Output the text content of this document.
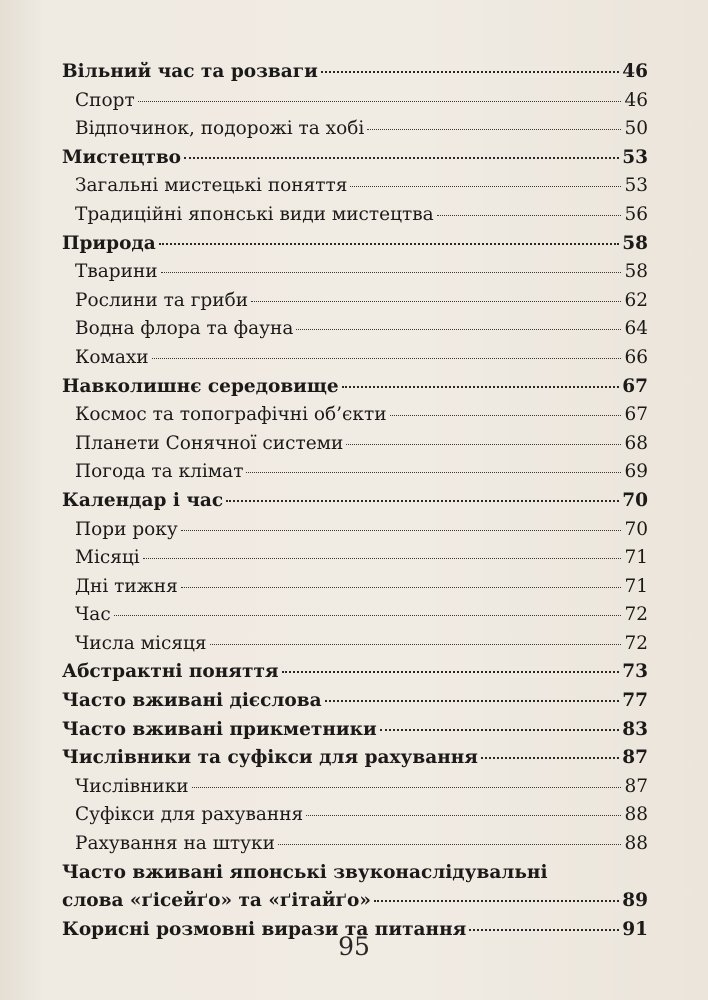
Вільний час та розваги	46
Спорт	46
Відпочинок, подорожі та хобі	50
Мистецтво	53
Загальні мистецькі поняття	53
Традиційні японські види мистецтва	56
Природа	58
Тварини	58
Рослини та гриби	62
Водна флора та фауна	64
Комахи	66
Навколишнє середовище	67
Космос та топографічні об’єкти	67
Планети Сонячної системи	68
Погода та клімат	69
Календар і час	70
Пори року	70
Місяці	71
Дні тижня	71
Час	72
Числа місяця	72
Абстрактні поняття	73
Часто вживані дієслова	77
Часто вживані прикметники	83
Числівники та суфікси для рахування	87
Числівники	87
Суфікси для рахування	88
Рахування на штуки	88
Часто вживані японські звуконаслідувальні
слова «ґісейґо» та «ґітайґо»	89
Корисні розмовні вирази та питання	91
95
